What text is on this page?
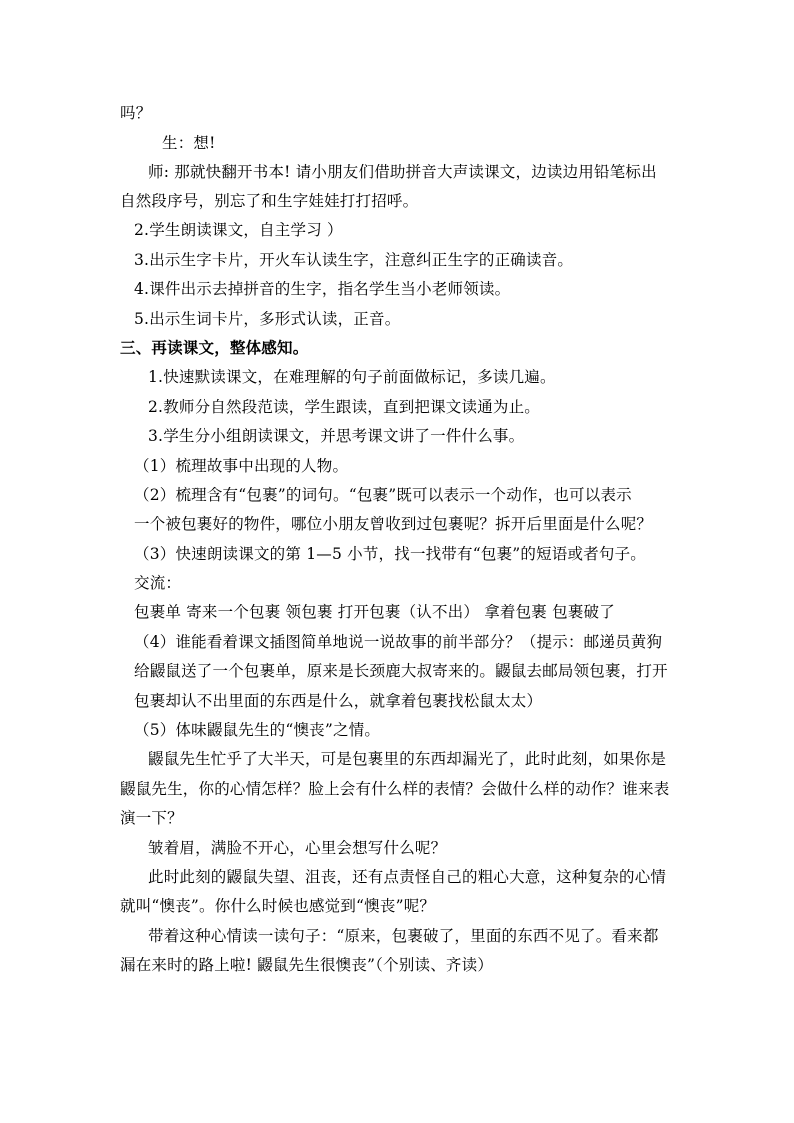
吗？
生：想!
师: 那就快翻开书本! 请小朋友们借助拼音大声读课文，边读边用铅笔标出
自然段序号，别忘了和生字娃娃打打招呼。
2.学生朗读课文，自主学习 ）
3.出示生字卡片，开火车认读生字，注意纠正生字的正确读音。
4.课件出示去掉拼音的生字，指名学生当小老师领读。
5.出示生词卡片，多形式认读，正音。
三、再读课文，整体感知。
1.快速默读课文，在难理解的句子前面做标记，多读几遍。
2.教师分自然段范读，学生跟读，直到把课文读通为止。
3.学生分小组朗读课文，并思考课文讲了一件什么事。
（1）梳理故事中出现的人物。
（2）梳理含有“包裹”的词句。“包裹”既可以表示一个动作，也可以表示
一个被包裹好的物件，哪位小朋友曾收到过包裹呢？拆开后里面是什么呢？
（3）快速朗读课文的第 1—5 小节，找一找带有“包裹”的短语或者句子。
交流：
包裹单 寄来一个包裹 领包裹 打开包裹（认不出） 拿着包裹 包裹破了
（4）谁能看着课文插图简单地说一说故事的前半部分？（提示：邮递员黄狗
给鼹鼠送了一个包裹单，原来是长颈鹿大叔寄来的。鼹鼠去邮局领包裹，打开
包裹却认不出里面的东西是什么，就拿着包裹找松鼠太太）
（5）体味鼹鼠先生的“懊丧”之情。
鼹鼠先生忙乎了大半天，可是包裹里的东西却漏光了，此时此刻，如果你是
鼹鼠先生，你的心情怎样？脸上会有什么样的表情？会做什么样的动作？谁来表
演一下？
皱着眉，满脸不开心，心里会想写什么呢？
此时此刻的鼹鼠失望、沮丧，还有点责怪自己的粗心大意，这种复杂的心情
就叫“懊丧”。你什么时候也感觉到“懊丧”呢？
带着这种心情读一读句子：“原来，包裹破了，里面的东西不见了。看来都
漏在来时的路上啦! 鼹鼠先生很懊丧”（个别读、齐读）
